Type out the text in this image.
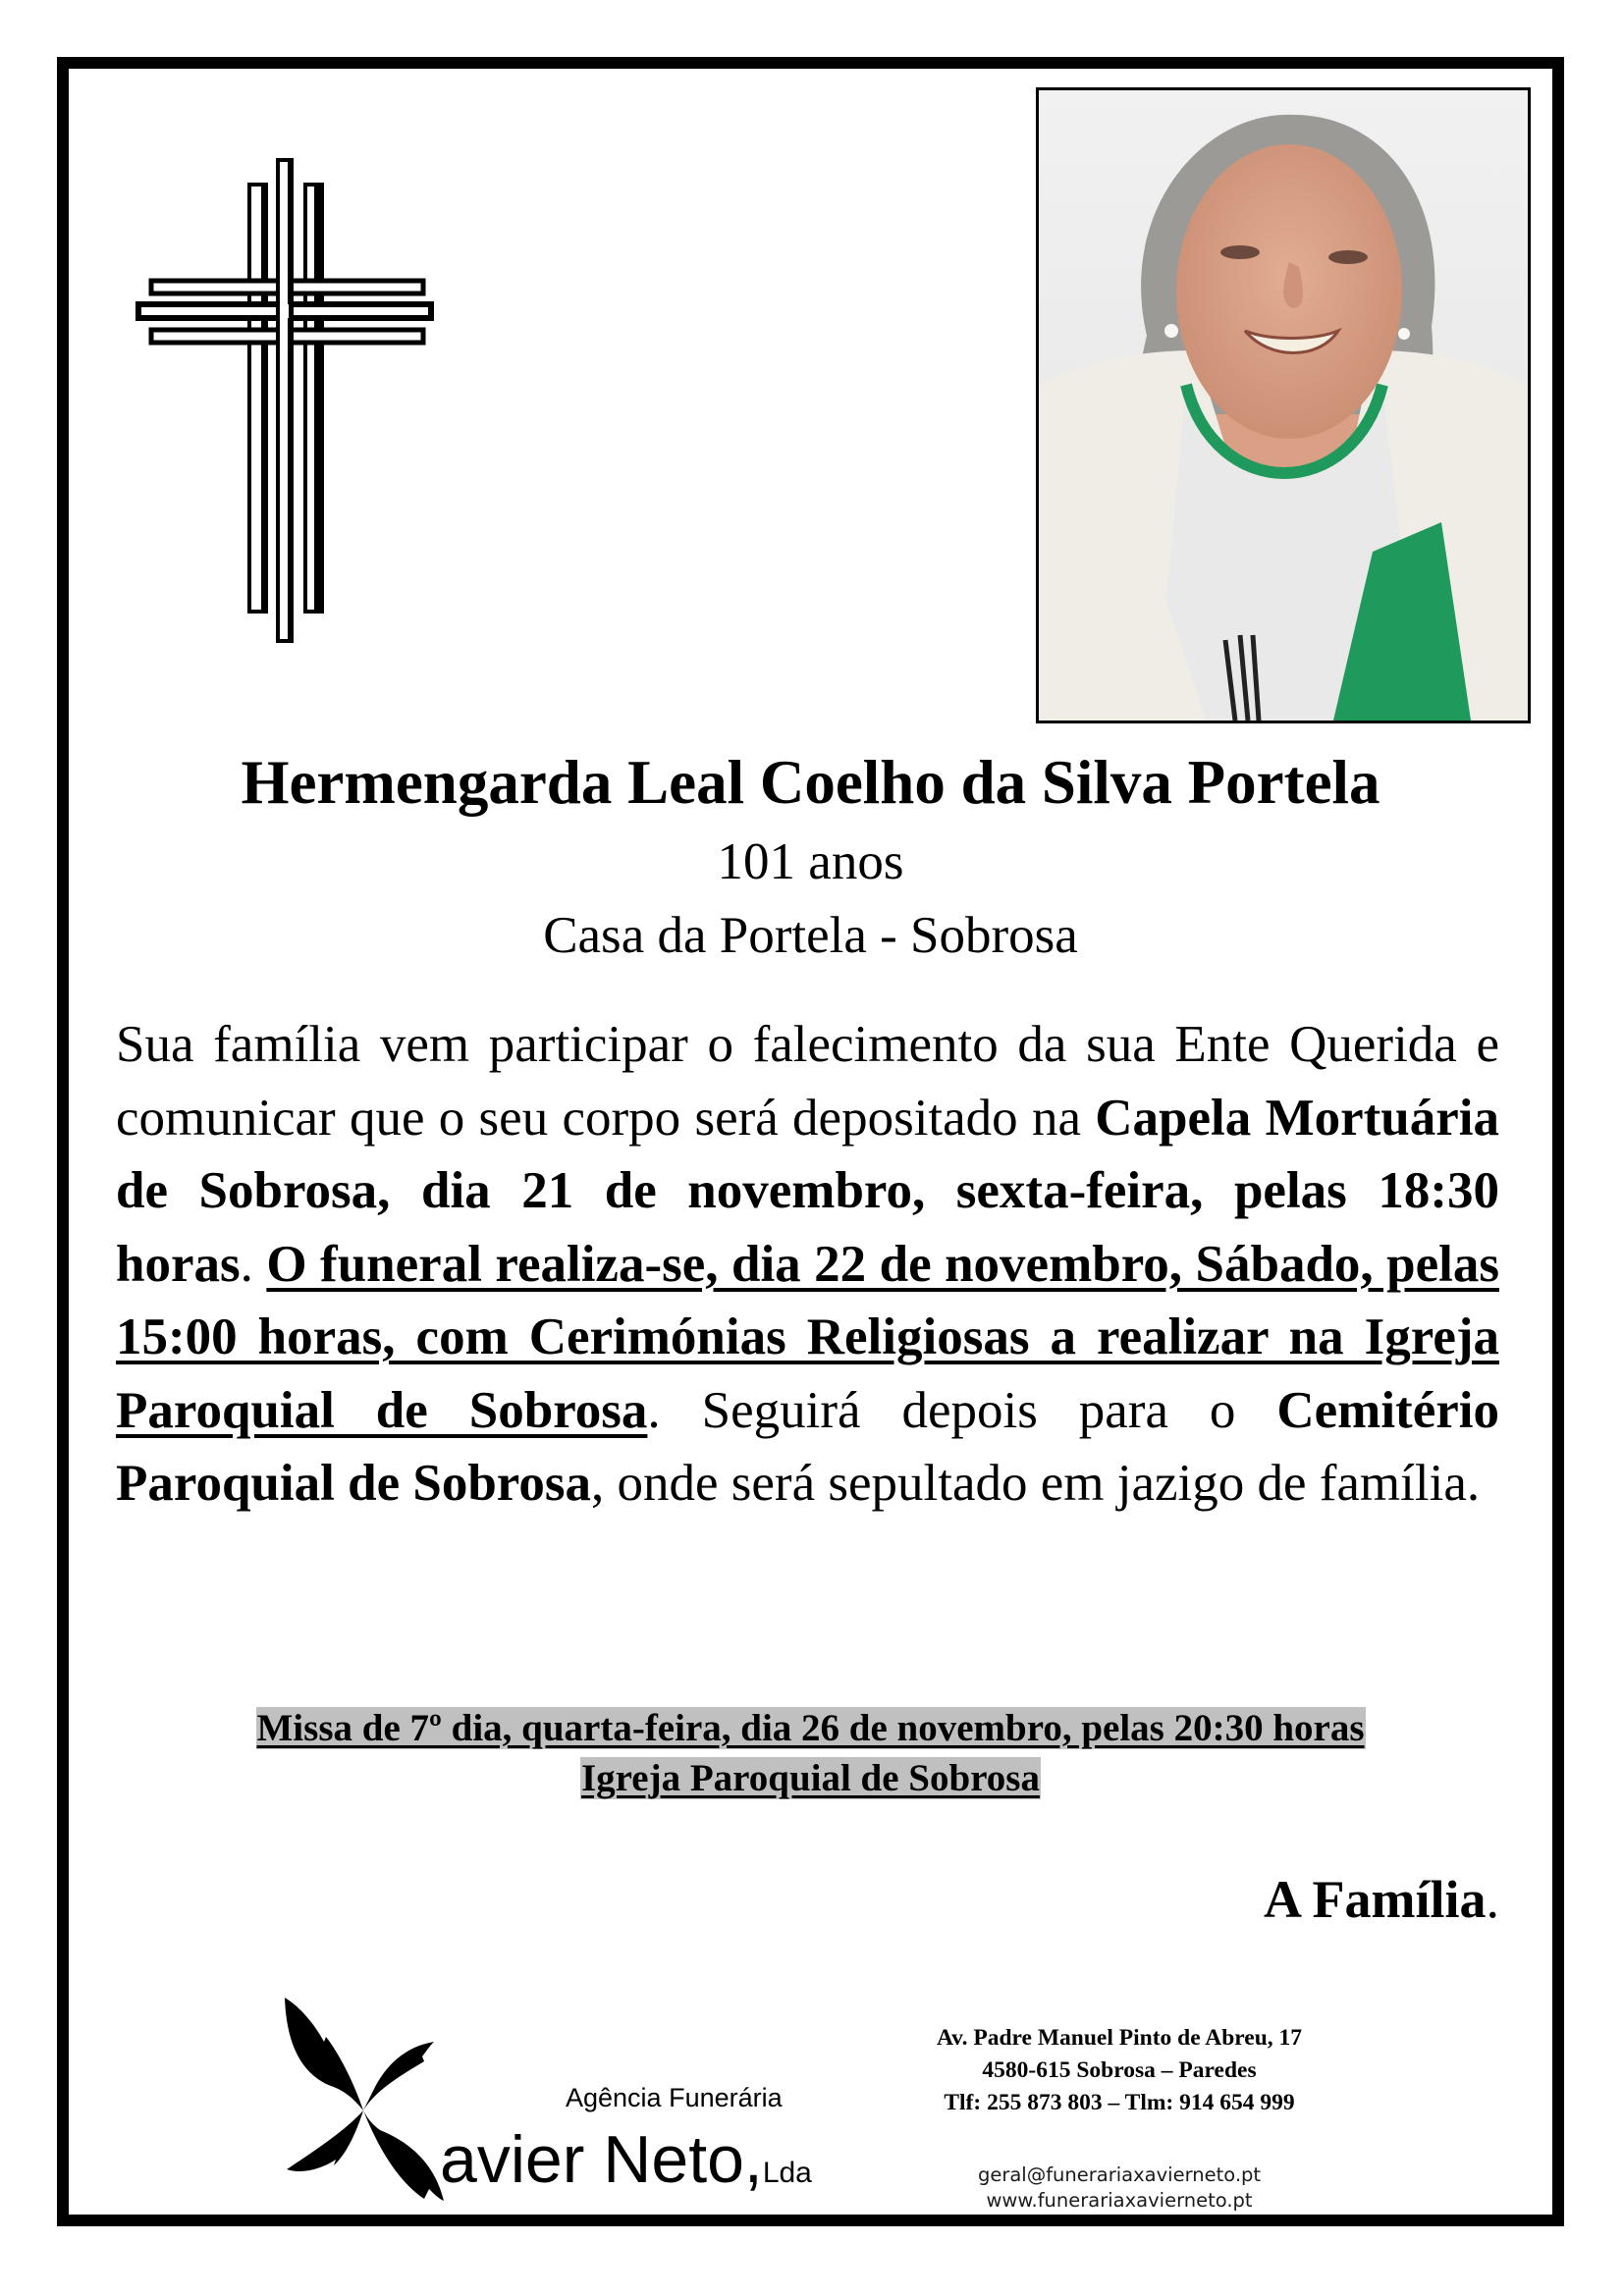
Hermengarda Leal Coelho da Silva Portela
101 anos
Casa da Portela - Sobrosa

Sua família vem participar o falecimento da sua Ente Querida e comunicar que o seu corpo será depositado na Capela Mortuária de Sobrosa, dia 21 de novembro, sexta-feira, pelas 18:30 horas. O funeral realiza-se, dia 22 de novembro, Sábado, pelas 15:00 horas, com Cerimónias Religiosas a realizar na Igreja Paroquial de Sobrosa. Seguirá depois para o Cemitério Paroquial de Sobrosa, onde será sepultado em jazigo de família.

Missa de 7º dia, quarta-feira, dia 26 de novembro, pelas 20:30 horas
Igreja Paroquial de Sobrosa
A Família.
Agência Funerária
avier Neto,Lda
Av. Padre Manuel Pinto de Abreu, 17
4580-615 Sobrosa – Paredes
Tlf: 255 873 803 – Tlm: 914 654 999
geral@funerariaxavierneto.pt
www.funerariaxavierneto.pt
